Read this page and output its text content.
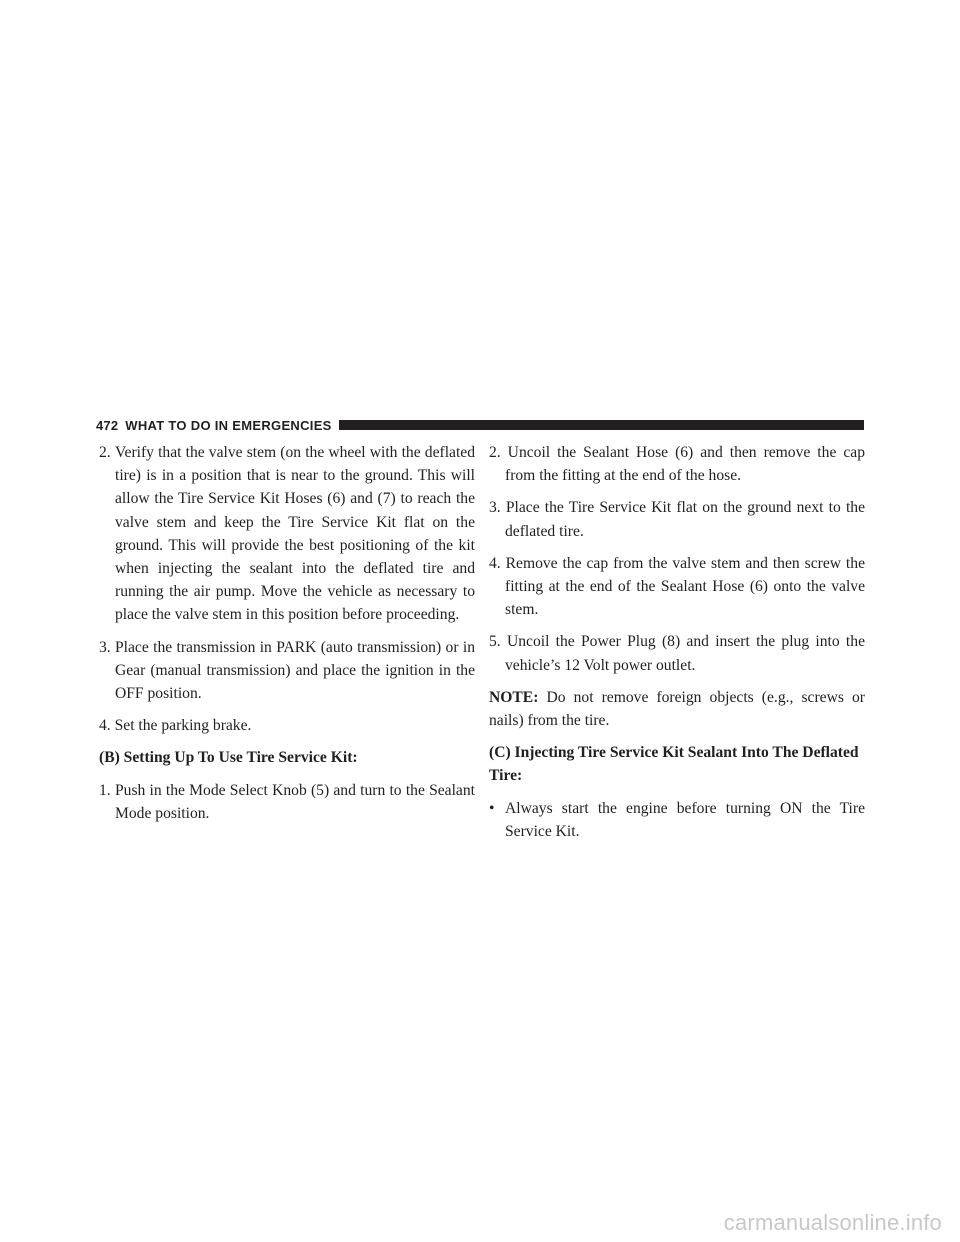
472 WHAT TO DO IN EMERGENCIES
2. Verify that the valve stem (on the wheel with the deflated tire) is in a position that is near to the ground. This will allow the Tire Service Kit Hoses (6) and (7) to reach the valve stem and keep the Tire Service Kit flat on the ground. This will provide the best positioning of the kit when injecting the sealant into the deflated tire and running the air pump. Move the vehicle as necessary to place the valve stem in this position before proceeding.
3. Place the transmission in PARK (auto transmission) or in Gear (manual transmission) and place the ignition in the OFF position.

4. Set the parking brake.

(B) Setting Up To Use Tire Service Kit:

1. Push in the Mode Select Knob (5) and turn to the Sealant Mode position.

2. Uncoil the Sealant Hose (6) and then remove the cap from the fitting at the end of the hose.

3. Place the Tire Service Kit flat on the ground next to the deflated tire.

4. Remove the cap from the valve stem and then screw the fitting at the end of the Sealant Hose (6) onto the valve stem.

5. Uncoil the Power Plug (8) and insert the plug into the vehicle’s 12 Volt power outlet.

NOTE: Do not remove foreign objects (e.g., screws or nails) from the tire.

(C) Injecting Tire Service Kit Sealant Into The Deflated Tire:

• Always start the engine before turning ON the Tire Service Kit.
carmanualsonline.info
